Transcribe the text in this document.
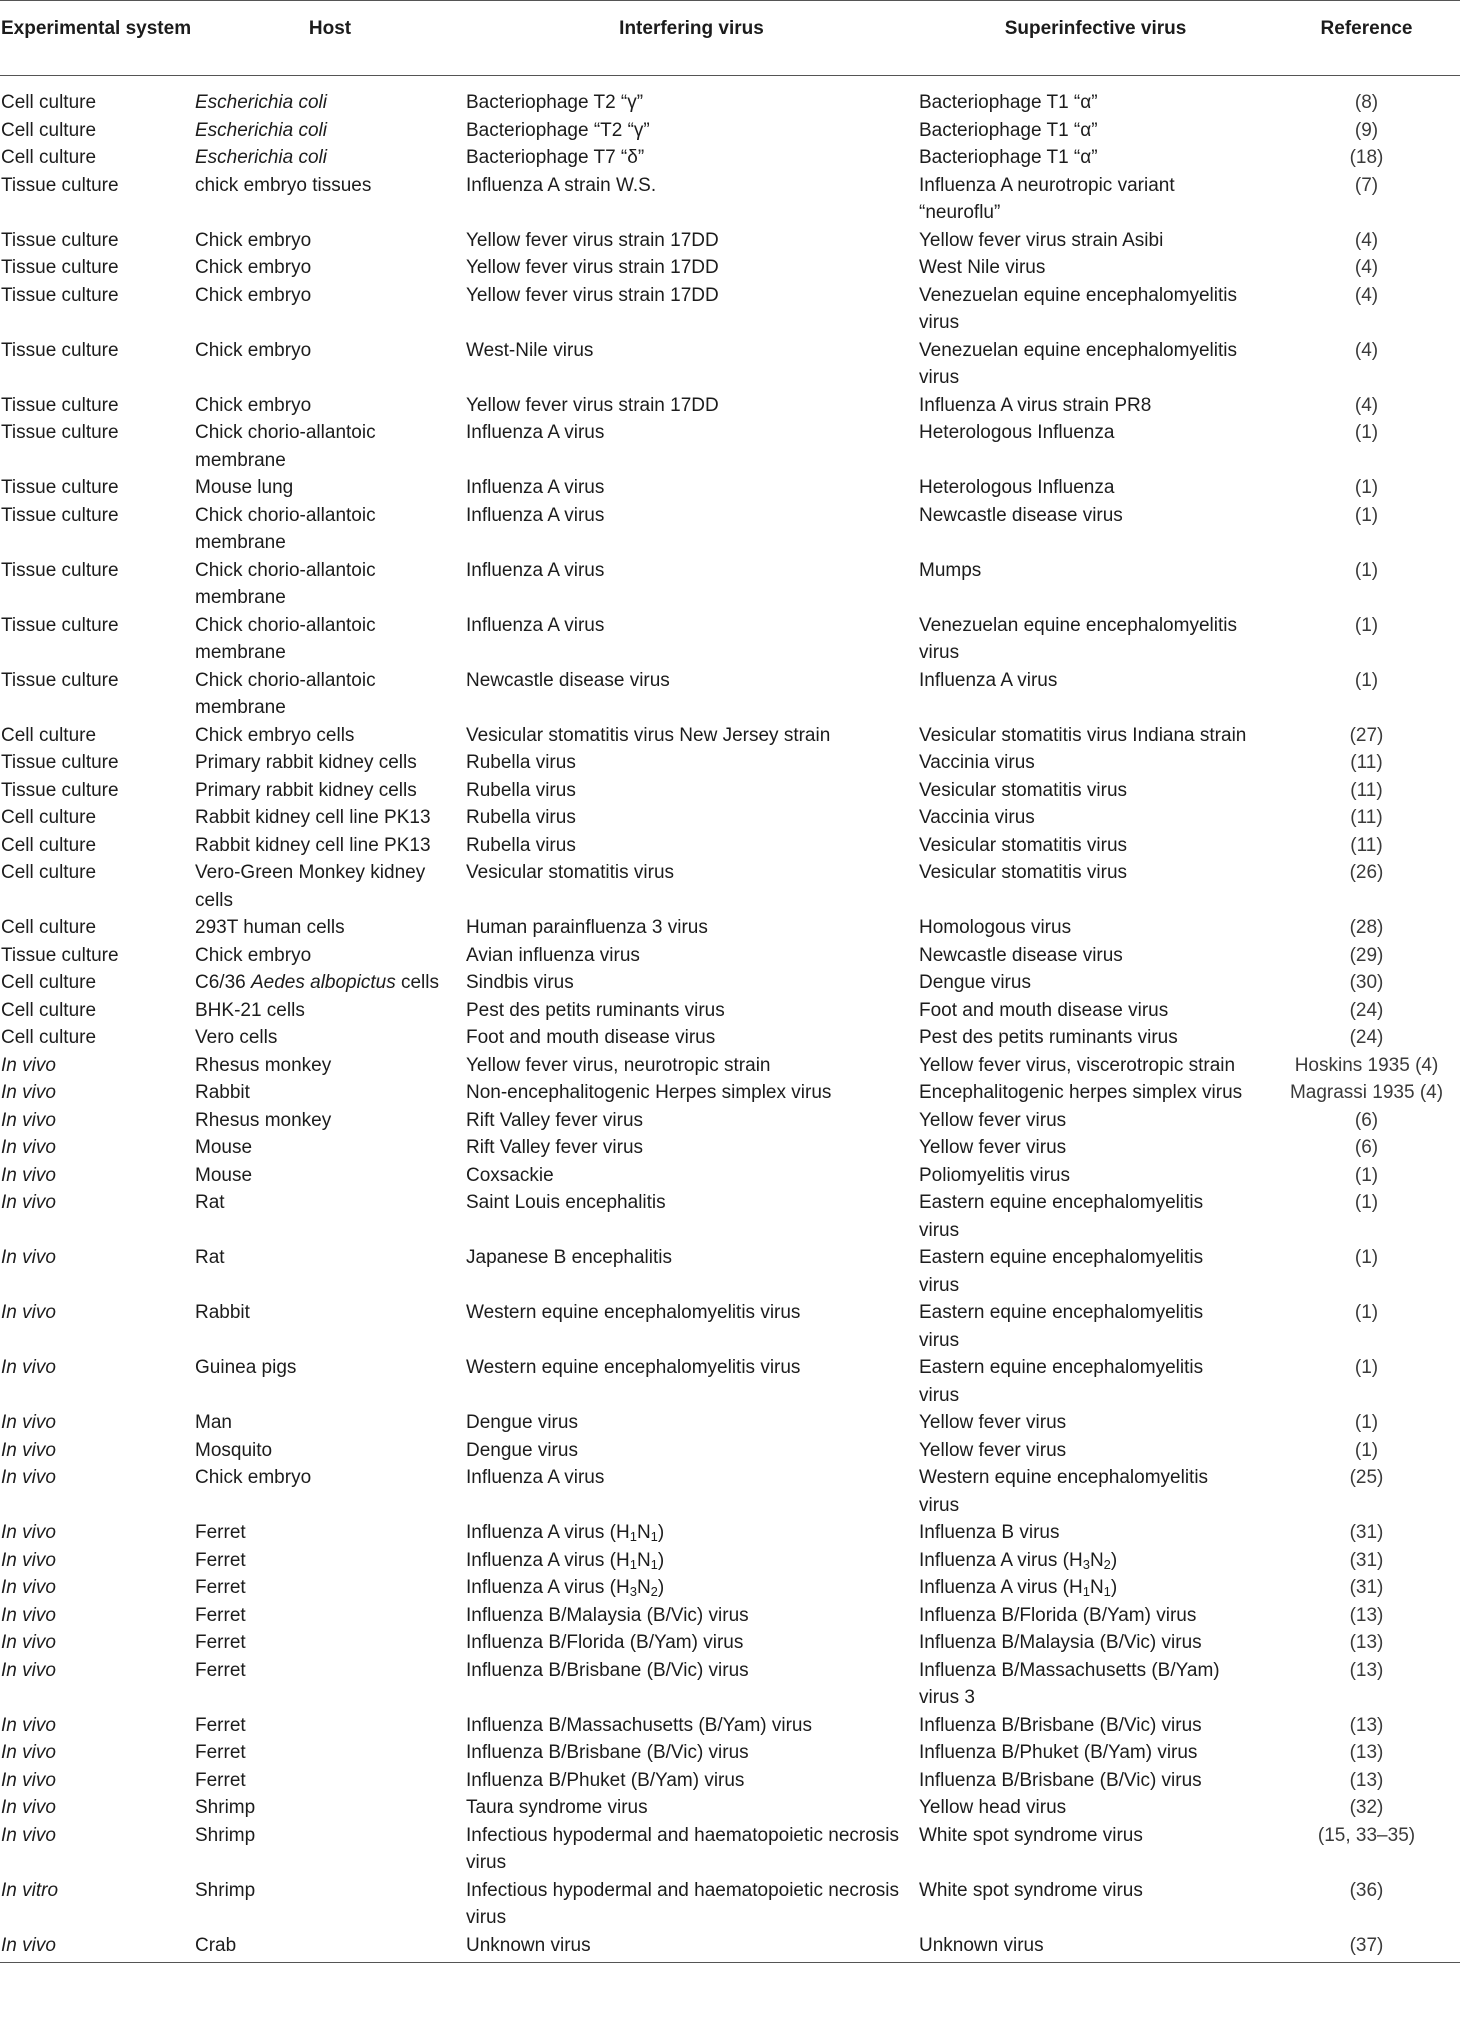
Experimental system	Host	Interfering virus	Superinfective virus	Reference
Cell culture	Escherichia coli	Bacteriophage T2 “γ”	Bacteriophage T1 “α”	(8)
Cell culture	Escherichia coli	Bacteriophage “T2 “γ”	Bacteriophage T1 “α”	(9)
Cell culture	Escherichia coli	Bacteriophage T7 “δ”	Bacteriophage T1 “α”	(18)
Tissue culture	chick embryo tissues	Influenza A strain W.S.	Influenza A neurotropic variant “neuroflu”	(7)
Tissue culture	Chick embryo	Yellow fever virus strain 17DD	Yellow fever virus strain Asibi	(4)
Tissue culture	Chick embryo	Yellow fever virus strain 17DD	West Nile virus	(4)
Tissue culture	Chick embryo	Yellow fever virus strain 17DD	Venezuelan equine encephalomyelitis virus	(4)
Tissue culture	Chick embryo	West-Nile virus	Venezuelan equine encephalomyelitis virus	(4)
Tissue culture	Chick embryo	Yellow fever virus strain 17DD	Influenza A virus strain PR8	(4)
Tissue culture	Chick chorio-allantoic membrane	Influenza A virus	Heterologous Influenza	(1)
Tissue culture	Mouse lung	Influenza A virus	Heterologous Influenza	(1)
Tissue culture	Chick chorio-allantoic membrane	Influenza A virus	Newcastle disease virus	(1)
Tissue culture	Chick chorio-allantoic membrane	Influenza A virus	Mumps	(1)
Tissue culture	Chick chorio-allantoic membrane	Influenza A virus	Venezuelan equine encephalomyelitis virus	(1)
Tissue culture	Chick chorio-allantoic membrane	Newcastle disease virus	Influenza A virus	(1)
Cell culture	Chick embryo cells	Vesicular stomatitis virus New Jersey strain	Vesicular stomatitis virus Indiana strain	(27)
Tissue culture	Primary rabbit kidney cells	Rubella virus	Vaccinia virus	(11)
Tissue culture	Primary rabbit kidney cells	Rubella virus	Vesicular stomatitis virus	(11)
Cell culture	Rabbit kidney cell line PK13	Rubella virus	Vaccinia virus	(11)
Cell culture	Rabbit kidney cell line PK13	Rubella virus	Vesicular stomatitis virus	(11)
Cell culture	Vero-Green Monkey kidney cells	Vesicular stomatitis virus	Vesicular stomatitis virus	(26)
Cell culture	293T human cells	Human parainfluenza 3 virus	Homologous virus	(28)
Tissue culture	Chick embryo	Avian influenza virus	Newcastle disease virus	(29)
Cell culture	C6/36 Aedes albopictus cells	Sindbis virus	Dengue virus	(30)
Cell culture	BHK-21 cells	Pest des petits ruminants virus	Foot and mouth disease virus	(24)
Cell culture	Vero cells	Foot and mouth disease virus	Pest des petits ruminants virus	(24)
In vivo	Rhesus monkey	Yellow fever virus, neurotropic strain	Yellow fever virus, viscerotropic strain	Hoskins 1935 (4)
In vivo	Rabbit	Non-encephalitogenic Herpes simplex virus	Encephalitogenic herpes simplex virus	Magrassi 1935 (4)
In vivo	Rhesus monkey	Rift Valley fever virus	Yellow fever virus	(6)
In vivo	Mouse	Rift Valley fever virus	Yellow fever virus	(6)
In vivo	Mouse	Coxsackie	Poliomyelitis virus	(1)
In vivo	Rat	Saint Louis encephalitis	Eastern equine encephalomyelitis virus	(1)
In vivo	Rat	Japanese B encephalitis	Eastern equine encephalomyelitis virus	(1)
In vivo	Rabbit	Western equine encephalomyelitis virus	Eastern equine encephalomyelitis virus	(1)
In vivo	Guinea pigs	Western equine encephalomyelitis virus	Eastern equine encephalomyelitis virus	(1)
In vivo	Man	Dengue virus	Yellow fever virus	(1)
In vivo	Mosquito	Dengue virus	Yellow fever virus	(1)
In vivo	Chick embryo	Influenza A virus	Western equine encephalomyelitis virus	(25)
In vivo	Ferret	Influenza A virus $(H_1N_1)$	Influenza B virus	(31)
In vivo	Ferret	Influenza A virus $(H_1N_1)$	Influenza A virus $(H_3N_2)$	(31)
In vivo	Ferret	Influenza A virus $(H_3N_2)$	Influenza A virus $(H_1N_1)$	(31)
In vivo	Ferret	Influenza B/Malaysia (B/Vic) virus	Influenza B/Florida (B/Yam) virus	(13)
In vivo	Ferret	Influenza B/Florida (B/Yam) virus	Influenza B/Malaysia (B/Vic) virus	(13)
In vivo	Ferret	Influenza B/Brisbane (B/Vic) virus	Influenza B/Massachusetts (B/Yam) virus 3	(13)
In vivo	Ferret	Influenza B/Massachusetts (B/Yam) virus	Influenza B/Brisbane (B/Vic) virus	(13)
In vivo	Ferret	Influenza B/Brisbane (B/Vic) virus	Influenza B/Phuket (B/Yam) virus	(13)
In vivo	Ferret	Influenza B/Phuket (B/Yam) virus	Influenza B/Brisbane (B/Vic) virus	(13)
In vivo	Shrimp	Taura syndrome virus	Yellow head virus	(32)
In vivo	Shrimp	Infectious hypodermal and haematopoietic necrosis virus	White spot syndrome virus	(15, 33–35)
In vitro	Shrimp	Infectious hypodermal and haematopoietic necrosis virus	White spot syndrome virus	(36)
In vivo	Crab	Unknown virus	Unknown virus	(37)
